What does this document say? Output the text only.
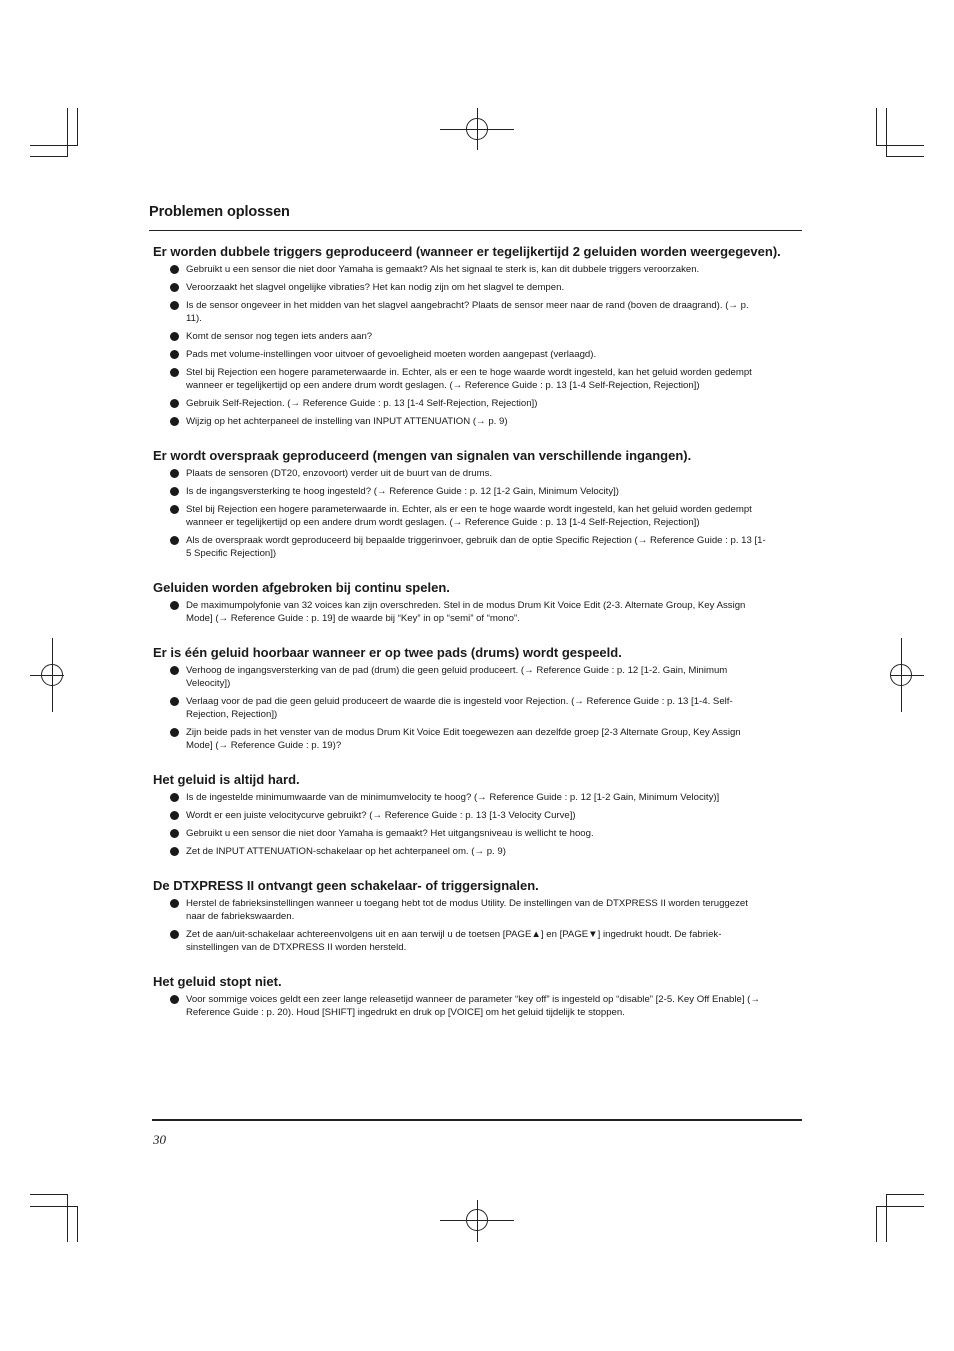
Problemen oplossen
Er worden dubbele triggers geproduceerd (wanneer er tegelijkertijd 2 geluiden worden weergegeven).
Gebruikt u een sensor die niet door Yamaha is gemaakt? Als het signaal te sterk is, kan dit dubbele triggers veroorzaken.
Veroorzaakt het slagvel ongelijke vibraties? Het kan nodig zijn om het slagvel te dempen.
Is de sensor ongeveer in het midden van het slagvel aangebracht? Plaats de sensor meer naar de rand (boven de draagrand). (→ p. 11).
Komt de sensor nog tegen iets anders aan?
Pads met volume-instellingen voor uitvoer of gevoeligheid moeten worden aangepast (verlaagd).
Stel bij Rejection een hogere parameterwaarde in. Echter, als er een te hoge waarde wordt ingesteld, kan het geluid worden gedempt wanneer er tegelijkertijd op een andere drum wordt geslagen. (→ Reference Guide : p. 13 [1-4 Self-Rejection, Rejection])
Gebruik Self-Rejection. (→ Reference Guide : p. 13 [1-4 Self-Rejection, Rejection])
Wijzig op het achterpaneel de instelling van INPUT ATTENUATION (→ p. 9)
Er wordt overspraak geproduceerd (mengen van signalen van verschillende ingangen).
Plaats de sensoren (DT20, enzovoort) verder uit de buurt van de drums.
Is de ingangsversterking te hoog ingesteld? (→ Reference Guide : p. 12 [1-2 Gain, Minimum Velocity])
Stel bij Rejection een hogere parameterwaarde in. Echter, als er een te hoge waarde wordt ingesteld, kan het geluid worden gedempt wanneer er tegelijkertijd op een andere drum wordt geslagen. (→ Reference Guide : p. 13 [1-4 Self-Rejection, Rejection])
Als de overspraak wordt geproduceerd bij bepaalde triggerinvoer, gebruik dan de optie Specific Rejection (→ Reference Guide : p. 13 [1-5 Specific Rejection])
Geluiden worden afgebroken bij continu spelen.
De maximumpolyfonie van 32 voices kan zijn overschreden. Stel in de modus Drum Kit Voice Edit (2-3. Alternate Group, Key Assign Mode] (→ Reference Guide : p. 19] de waarde bij “Key” in op “semi” of “mono”.
Er is één geluid hoorbaar wanneer er op twee pads (drums) wordt gespeeld.
Verhoog de ingangsversterking van de pad (drum) die geen geluid produceert. (→ Reference Guide : p. 12 [1-2. Gain, Minimum Veleocity])
Verlaag voor de pad die geen geluid produceert de waarde die is ingesteld voor Rejection. (→ Reference Guide : p. 13 [1-4. Self-Rejection, Rejection])
Zijn beide pads in het venster van de modus Drum Kit Voice Edit toegewezen aan dezelfde groep [2-3 Alternate Group, Key Assign Mode] (→ Reference Guide : p. 19)?
Het geluid is altijd hard.
Is de ingestelde minimumwaarde van de minimumvelocity te hoog? (→ Reference Guide : p. 12 [1-2 Gain, Minimum Velocity)]
Wordt er een juiste velocitycurve gebruikt? (→ Reference Guide : p. 13 [1-3 Velocity Curve])
Gebruikt u een sensor die niet door Yamaha is gemaakt? Het uitgangsniveau is wellicht te hoog.
Zet de INPUT ATTENUATION-schakelaar op het achterpaneel om. (→ p. 9)
De DTXPRESS II ontvangt geen schakelaar- of triggersignalen.
Herstel de fabrieksinstellingen wanneer u toegang hebt tot de modus Utility. De instellingen van de DTXPRESS II worden teruggezet naar de fabriekswaarden.
Zet de aan/uit-schakelaar achtereenvolgens uit en aan terwijl u de toetsen [PAGE▲] en [PAGE▼] ingedrukt houdt. De fabriek-sinstellingen van de DTXPRESS II worden hersteld.
Het geluid stopt niet.
Voor sommige voices geldt een zeer lange releasetijd wanneer de parameter “key off” is ingesteld op “disable” [2-5. Key Off Enable] (→ Reference Guide : p. 20). Houd [SHIFT] ingedrukt en druk op [VOICE] om het geluid tijdelijk te stoppen.
30
